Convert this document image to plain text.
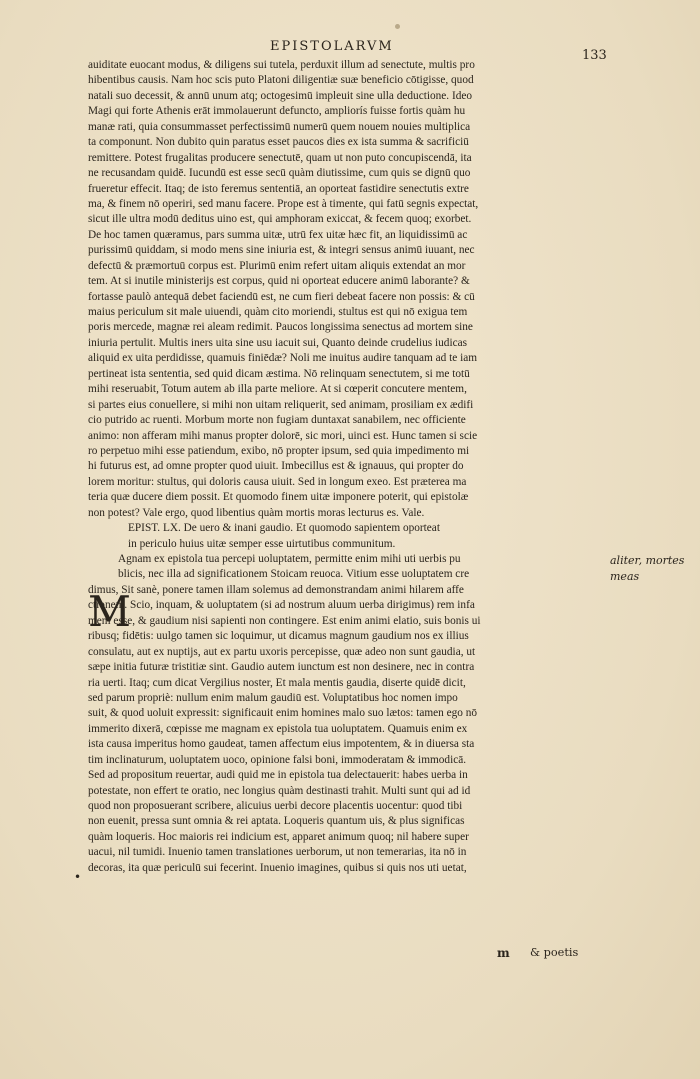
EPISTOLARVM
133
auiditate euocant modus, & diligens sui tutela, perduxit illum ad senectute, multis pro
hibentibus causis. Nam hoc scis puto Platoni diligentiæ suæ beneficio cōtigisse, quod
natali suo decessit, & annū unum atq; octogesimū impleuit sine ulla deductione. Ideo
Magi qui forte Athenis erāt immolauerunt defuncto, ampliorís fuisse fortis quàm hu
manæ rati, quia consummasset perfectissimū numerū quem nouem nouies multiplica
ta componunt. Non dubito quin paratus esset paucos dies ex ista summa & sacrificiū
remittere. Potest frugalitas producere senectutē, quam ut non puto concupiscendā, ita
ne recusandam quidē. Iucundū est esse secū quàm diutissime, cum quis se dignū quo
frueretur effecit. Itaq; de isto feremus sententiā, an oporteat fastidire senectutis extre
ma, & finem nō operiri, sed manu facere. Prope est à timente, qui fatū segnis expectat,
sicut ille ultra modū deditus uino est, qui amphoram exiccat, & fecem quoq; exorbet.
De hoc tamen quæramus, pars summa uitæ, utrū fex uitæ hæc fit, an liquidissimū ac
purissimū quiddam, si modo mens sine iniuria est, & integri sensus animū iuuant, nec
defectū & præmortuū corpus est. Plurimū enim refert uitam aliquis extendat an mor
tem. At si inutile ministerijs est corpus, quid ni oporteat educere animū laborante? &
fortasse paulò antequā debet faciendū est, ne cum fieri debeat facere non possis: & cū
maius periculum sit male uiuendi, quàm cito moriendi, stultus est qui nō exigua tem
poris mercede, magnæ rei aleam redimit. Paucos longissima senectus ad mortem sine
iniuria pertulit. Multis iners uita sine usu iacuit sui, Quanto deinde crudelius iudicas
aliquid ex uita perdidisse, quamuis finiēdæ? Noli me inuitus audire tanquam ad te iam
pertineat ista sententia, sed quid dicam æstima. Nō relinquam senectutem, si me totū
mihi reseruabit, Totum autem ab illa parte meliore. At si cœperit concutere mentem,
si partes eius conuellere, si mihi non uitam reliquerit, sed animam, prosiliam ex ædifi
cio putrido ac ruenti. Morbum morte non fugiam duntaxat sanabilem, nec officiente
animo: non afferam mihi manus propter dolorē, sic mori, uinci est. Hunc tamen si scie
ro perpetuo mihi esse patiendum, exibo, nō propter ipsum, sed quia impedimento mi
hi futurus est, ad omne propter quod uiuit. Imbecillus est & ignauus, qui propter do
lorem moritur: stultus, qui doloris causa uiuit. Sed in longum exeo. Est præterea ma
teria quæ ducere diem possit. Et quomodo finem uitæ imponere poterit, qui epistolæ
non potest? Vale ergo, quod libentius quàm mortis moras lecturus es. Vale.
EPIST. LX. De uero & inani gaudio. Et quomodo sapientem oporteat
in periculo huius uitæ semper esse uirtutibus communitum.
Agnam ex epistola tua percepi uoluptatem, permitte enim mihi uti uerbis pu
blicis, nec illa ad significationem Stoicam reuoca. Vitium esse uoluptatem cre
dimus, Sit sanè, ponere tamen illam solemus ad demonstrandam animi hilarem affe
ctionem. Scio, inquam, & uoluptatem (si ad nostrum aluum uerba dirigimus) rem infa
mem esse, & gaudium nisi sapienti non contingere. Est enim animi elatio, suis bonis ui
ribusq; fidētis: uulgo tamen sic loquimur, ut dicamus magnum gaudium nos ex illius
consulatu, aut ex nuptijs, aut ex partu uxoris percepisse, quæ adeo non sunt gaudia, ut
sæpe initia futuræ tristitiæ sint. Gaudio autem iunctum est non desinere, nec in contra
ria uerti. Itaq; cum dicat Vergilius noster, Et mala mentis gaudia, diserte quidē dicit,
sed parum propriè: nullum enim malum gaudiū est. Voluptatibus hoc nomen impo
suit, & quod uoluit expressit: significauit enim homines malo suo lætos: tamen ego nō
immerito dixerā, cœpisse me magnam ex epistola tua uoluptatem. Quamuis enim ex
ista causa imperitus homo gaudeat, tamen affectum eius impotentem, & in diuersa sta
tim inclinaturum, uoluptatem uoco, opinione falsi boni, immoderatam & immodicā.
Sed ad propositum reuertar, audi quid me in epistola tua delectauerit: habes uerba in
potestate, non effert te oratio, nec longius quàm destinasti trahit. Multi sunt qui ad id
quod non proposuerant scribere, alicuius uerbi decore placentis uocentur: quod tibi
non euenit, pressa sunt omnia & rei aptata. Loqueris quantum uis, & plus significas
quàm loqueris. Hoc maioris rei indicium est, apparet animum quoq; nil habere super
uacui, nil tumidi. Inuenio tamen translationes uerborum, ut non temerarias, ita nō in
decoras, ita quæ periculū sui fecerint. Inuenio imagines, quibus si quis nos uti uetat,
M
aliter, mortes
meas
•
m & poetis
